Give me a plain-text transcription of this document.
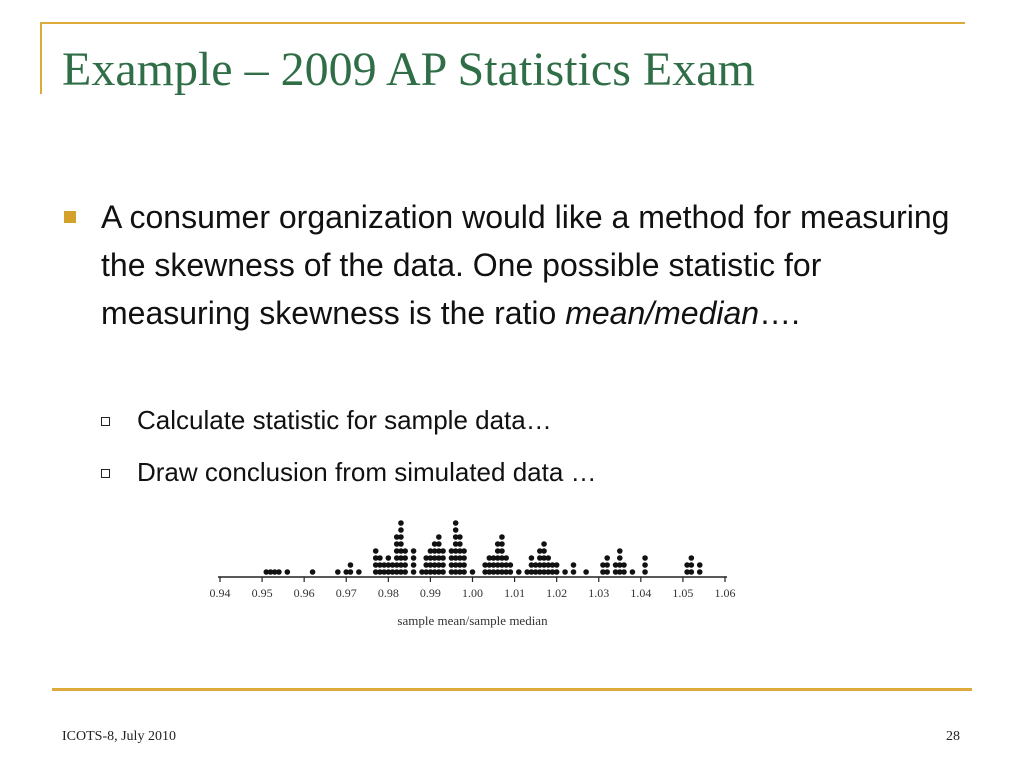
Example – 2009 AP Statistics Exam
A consumer organization would like a method for measuring the skewness of the data. One possible statistic for measuring skewness is the ratio mean/median….
Calculate statistic for sample data…
Draw conclusion from simulated data …
0.94 0.95 0.96 0.97 0.98 0.99 1.00 1.01 1.02 1.03 1.04 1.05 1.06
sample mean/sample median
ICOTS-8, July 2010	28
